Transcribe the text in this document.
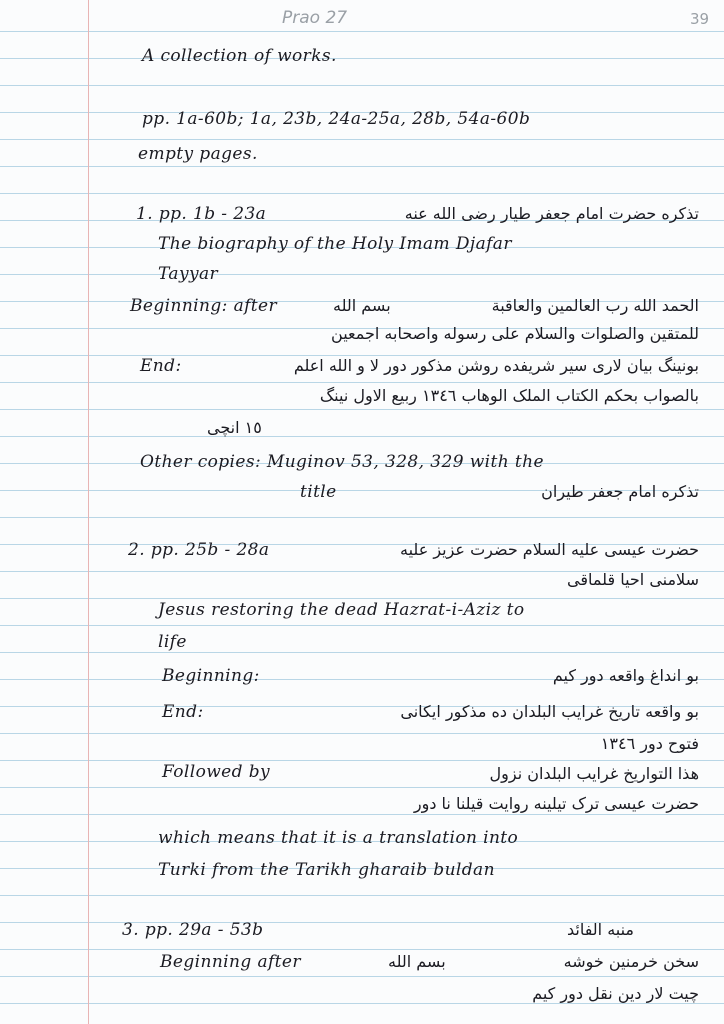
Prao 27	39
A collection of works.
pp. 1a-60b; 1a, 23b, 24a-25a, 28b, 54a-60b
empty pages.
1. pp. 1b - 23a	تذکره حضرت امام جعفر طیار رضی الله عنه
The biography of the Holy Imam Djafar
Tayyar
Beginning: after	بسم الله	الحمد الله رب العالمین والعاقبة
للمتقین والصلوات والسلام علی رسوله واصحابه اجمعین
End:	بونینگ بیان لاری سیر شریفده روشن مذکور دور لا و الله اعلم
بالصواب بحکم الکتاب الملک الوهاب ١٣٤٦ ربیع الاول نینگ
١٥ انچی
Other copies: Muginov 53, 328, 329 with the
title	تذکره امام جعفر طیران
2. pp. 25b - 28a	حضرت عیسی علیه السلام حضرت عزیز علیه
سلامنی احیا قلماقی
Jesus restoring the dead Hazrat-i-Aziz to
life
Beginning:	بو انداغ واقعه دور کیم
End:	بو واقعه تاریخ غرایب البلدان ده مذکور ایکانی
فتوح دور ١٣٤٦
Followed by	هذا التواریخ غرایب البلدان نزول
حضرت عیسی ترک تیلینه روایت قیلنا نا دور
which means that it is a translation into
Turki from the Tarikh gharaib buldan
3. pp. 29a - 53b	منبه الفائد
Beginning after	بسم الله	سخن خرمنین خوشه
چیت لار دین نقل دور کیم
